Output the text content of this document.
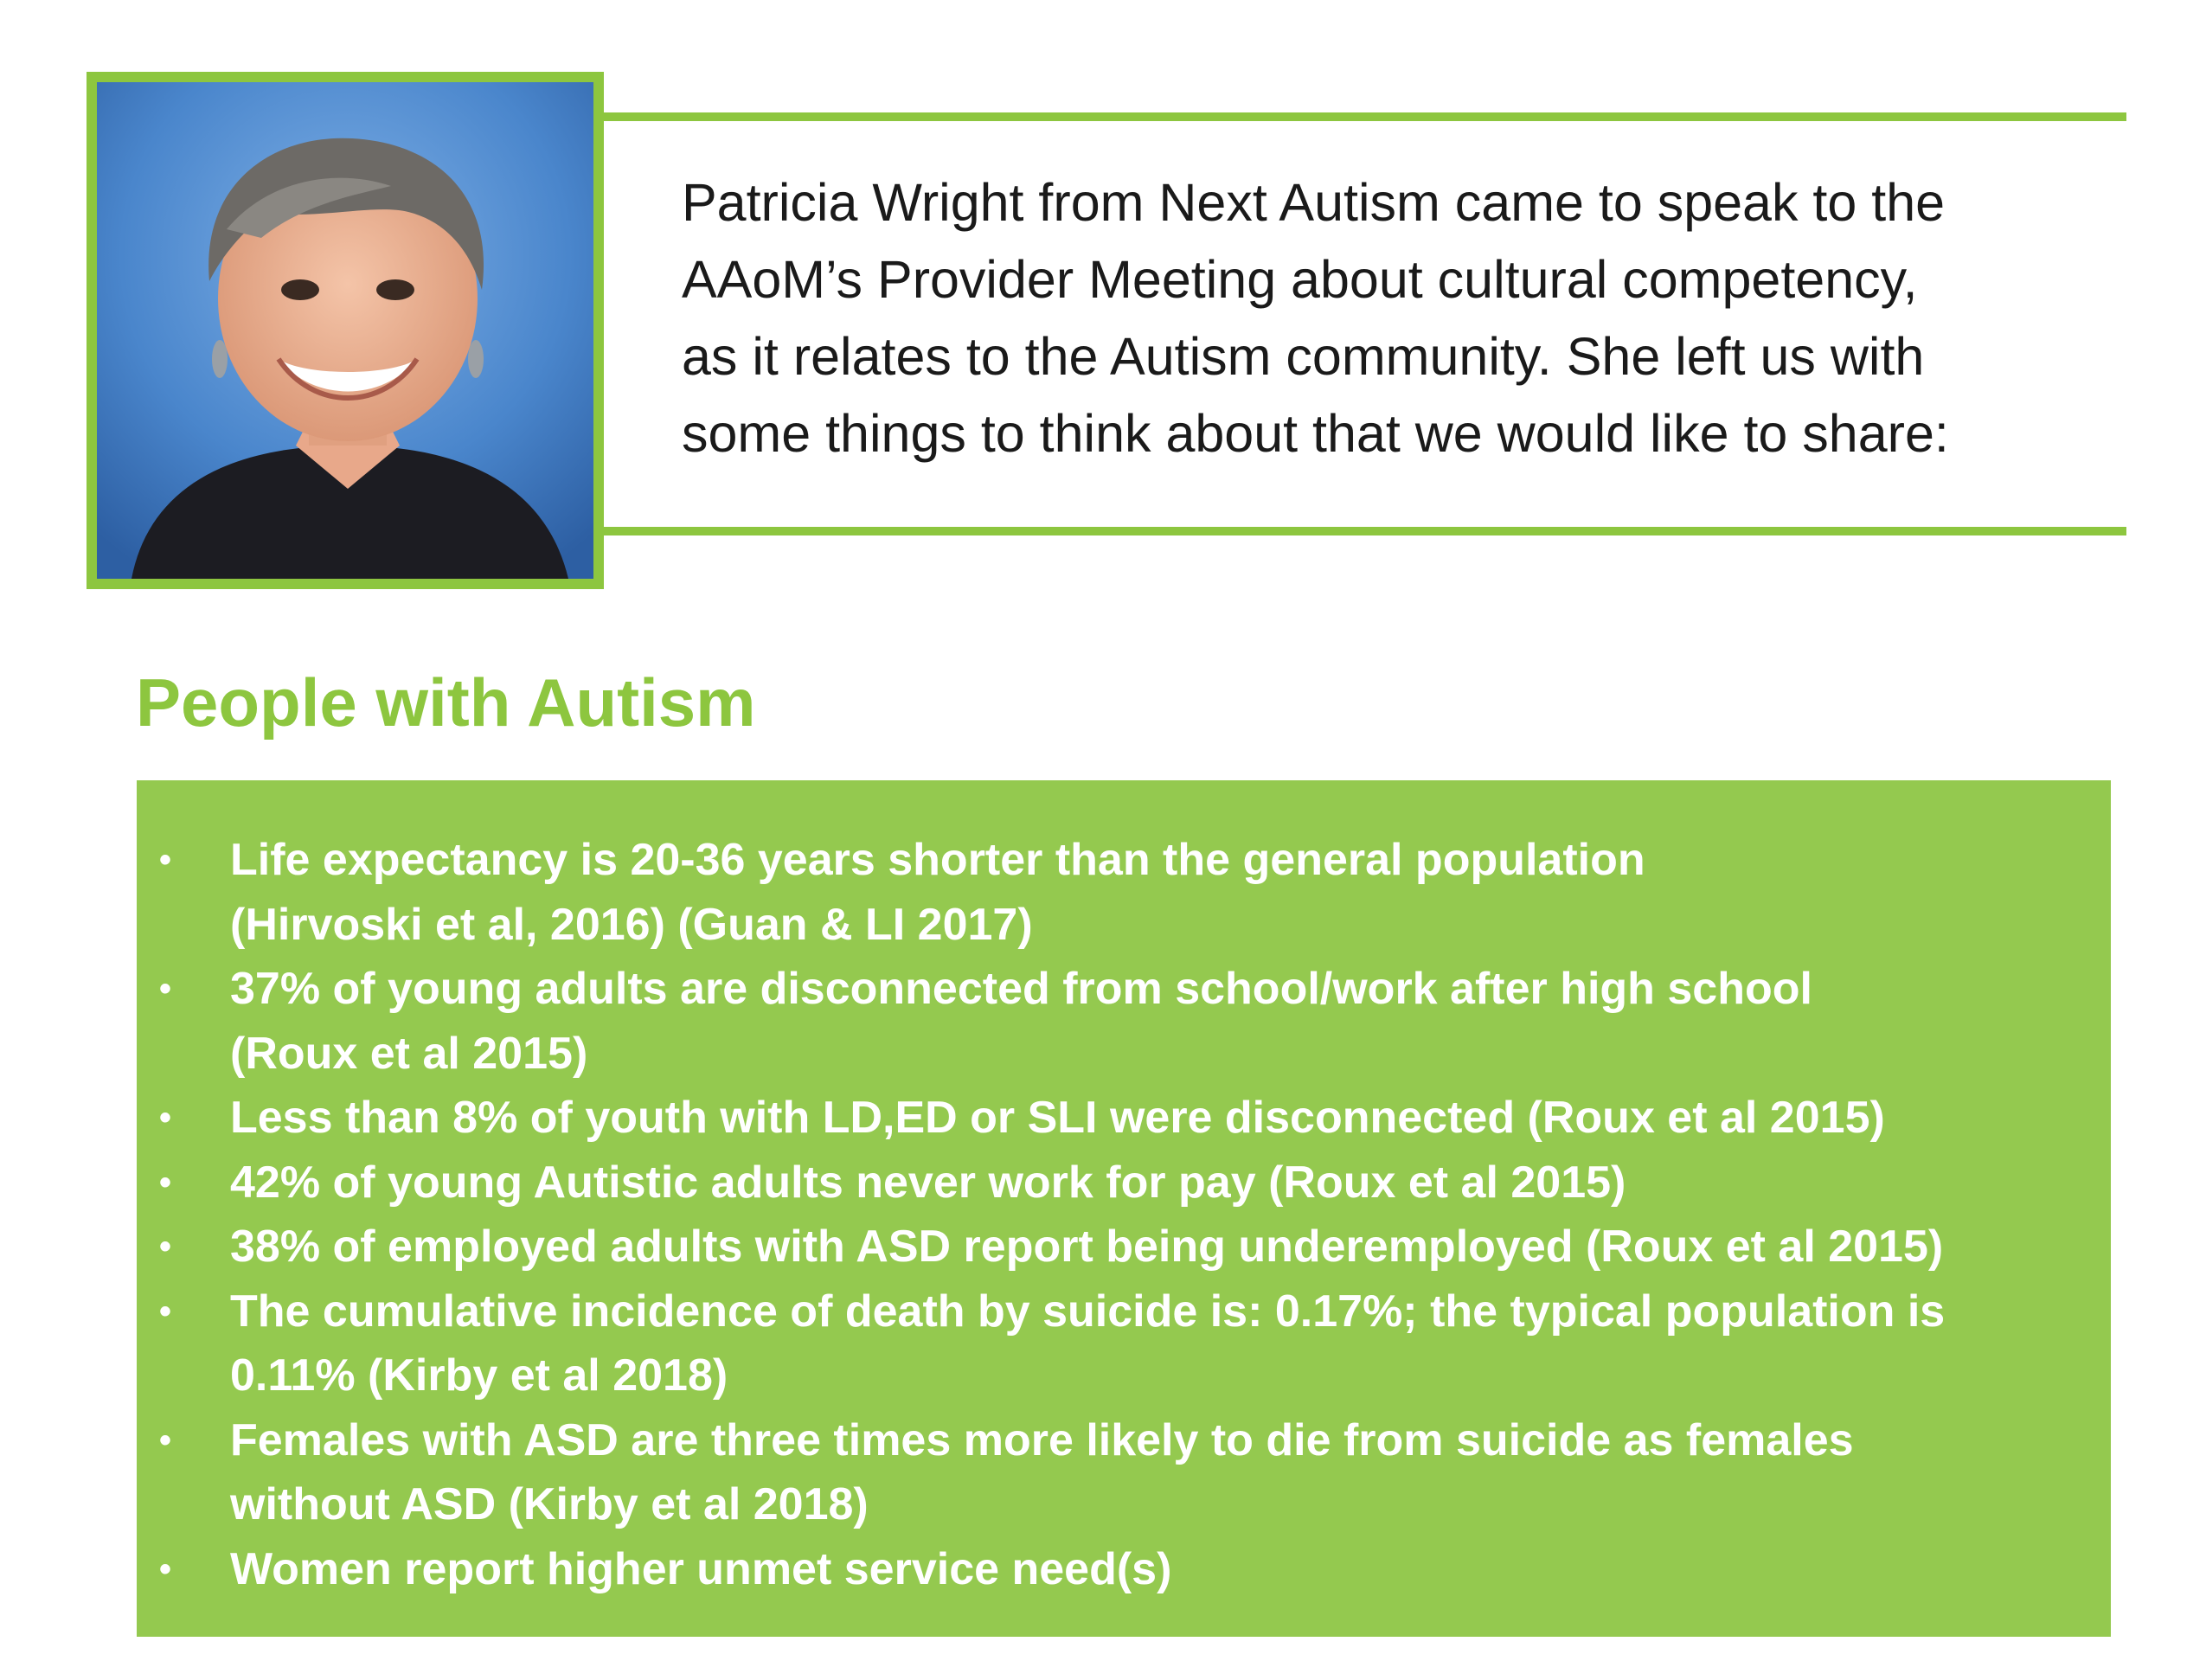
Patricia Wright from Next Autism came to speak to the
AAoM’s Provider Meeting about cultural competency,
as it relates to the Autism community. She left us with
some things to think about that we would like to share:

People with Autism
• Life expectancy is 20-36 years shorter than the general population
(Hirvoski et al, 2016) (Guan & LI 2017)
• 37% of young adults are disconnected from school/work after high school
(Roux et al 2015)
• Less than 8% of youth with LD,ED or SLI were disconnected (Roux et al 2015)
• 42% of young Autistic adults never work for pay (Roux et al 2015)
• 38% of employed adults with ASD report being underemployed (Roux et al 2015)
• The cumulative incidence of death by suicide is: 0.17%; the typical population is
0.11% (Kirby et al 2018)
• Females with ASD are three times more likely to die from suicide as females
without ASD (Kirby et al 2018)
• Women report higher unmet service need(s)
